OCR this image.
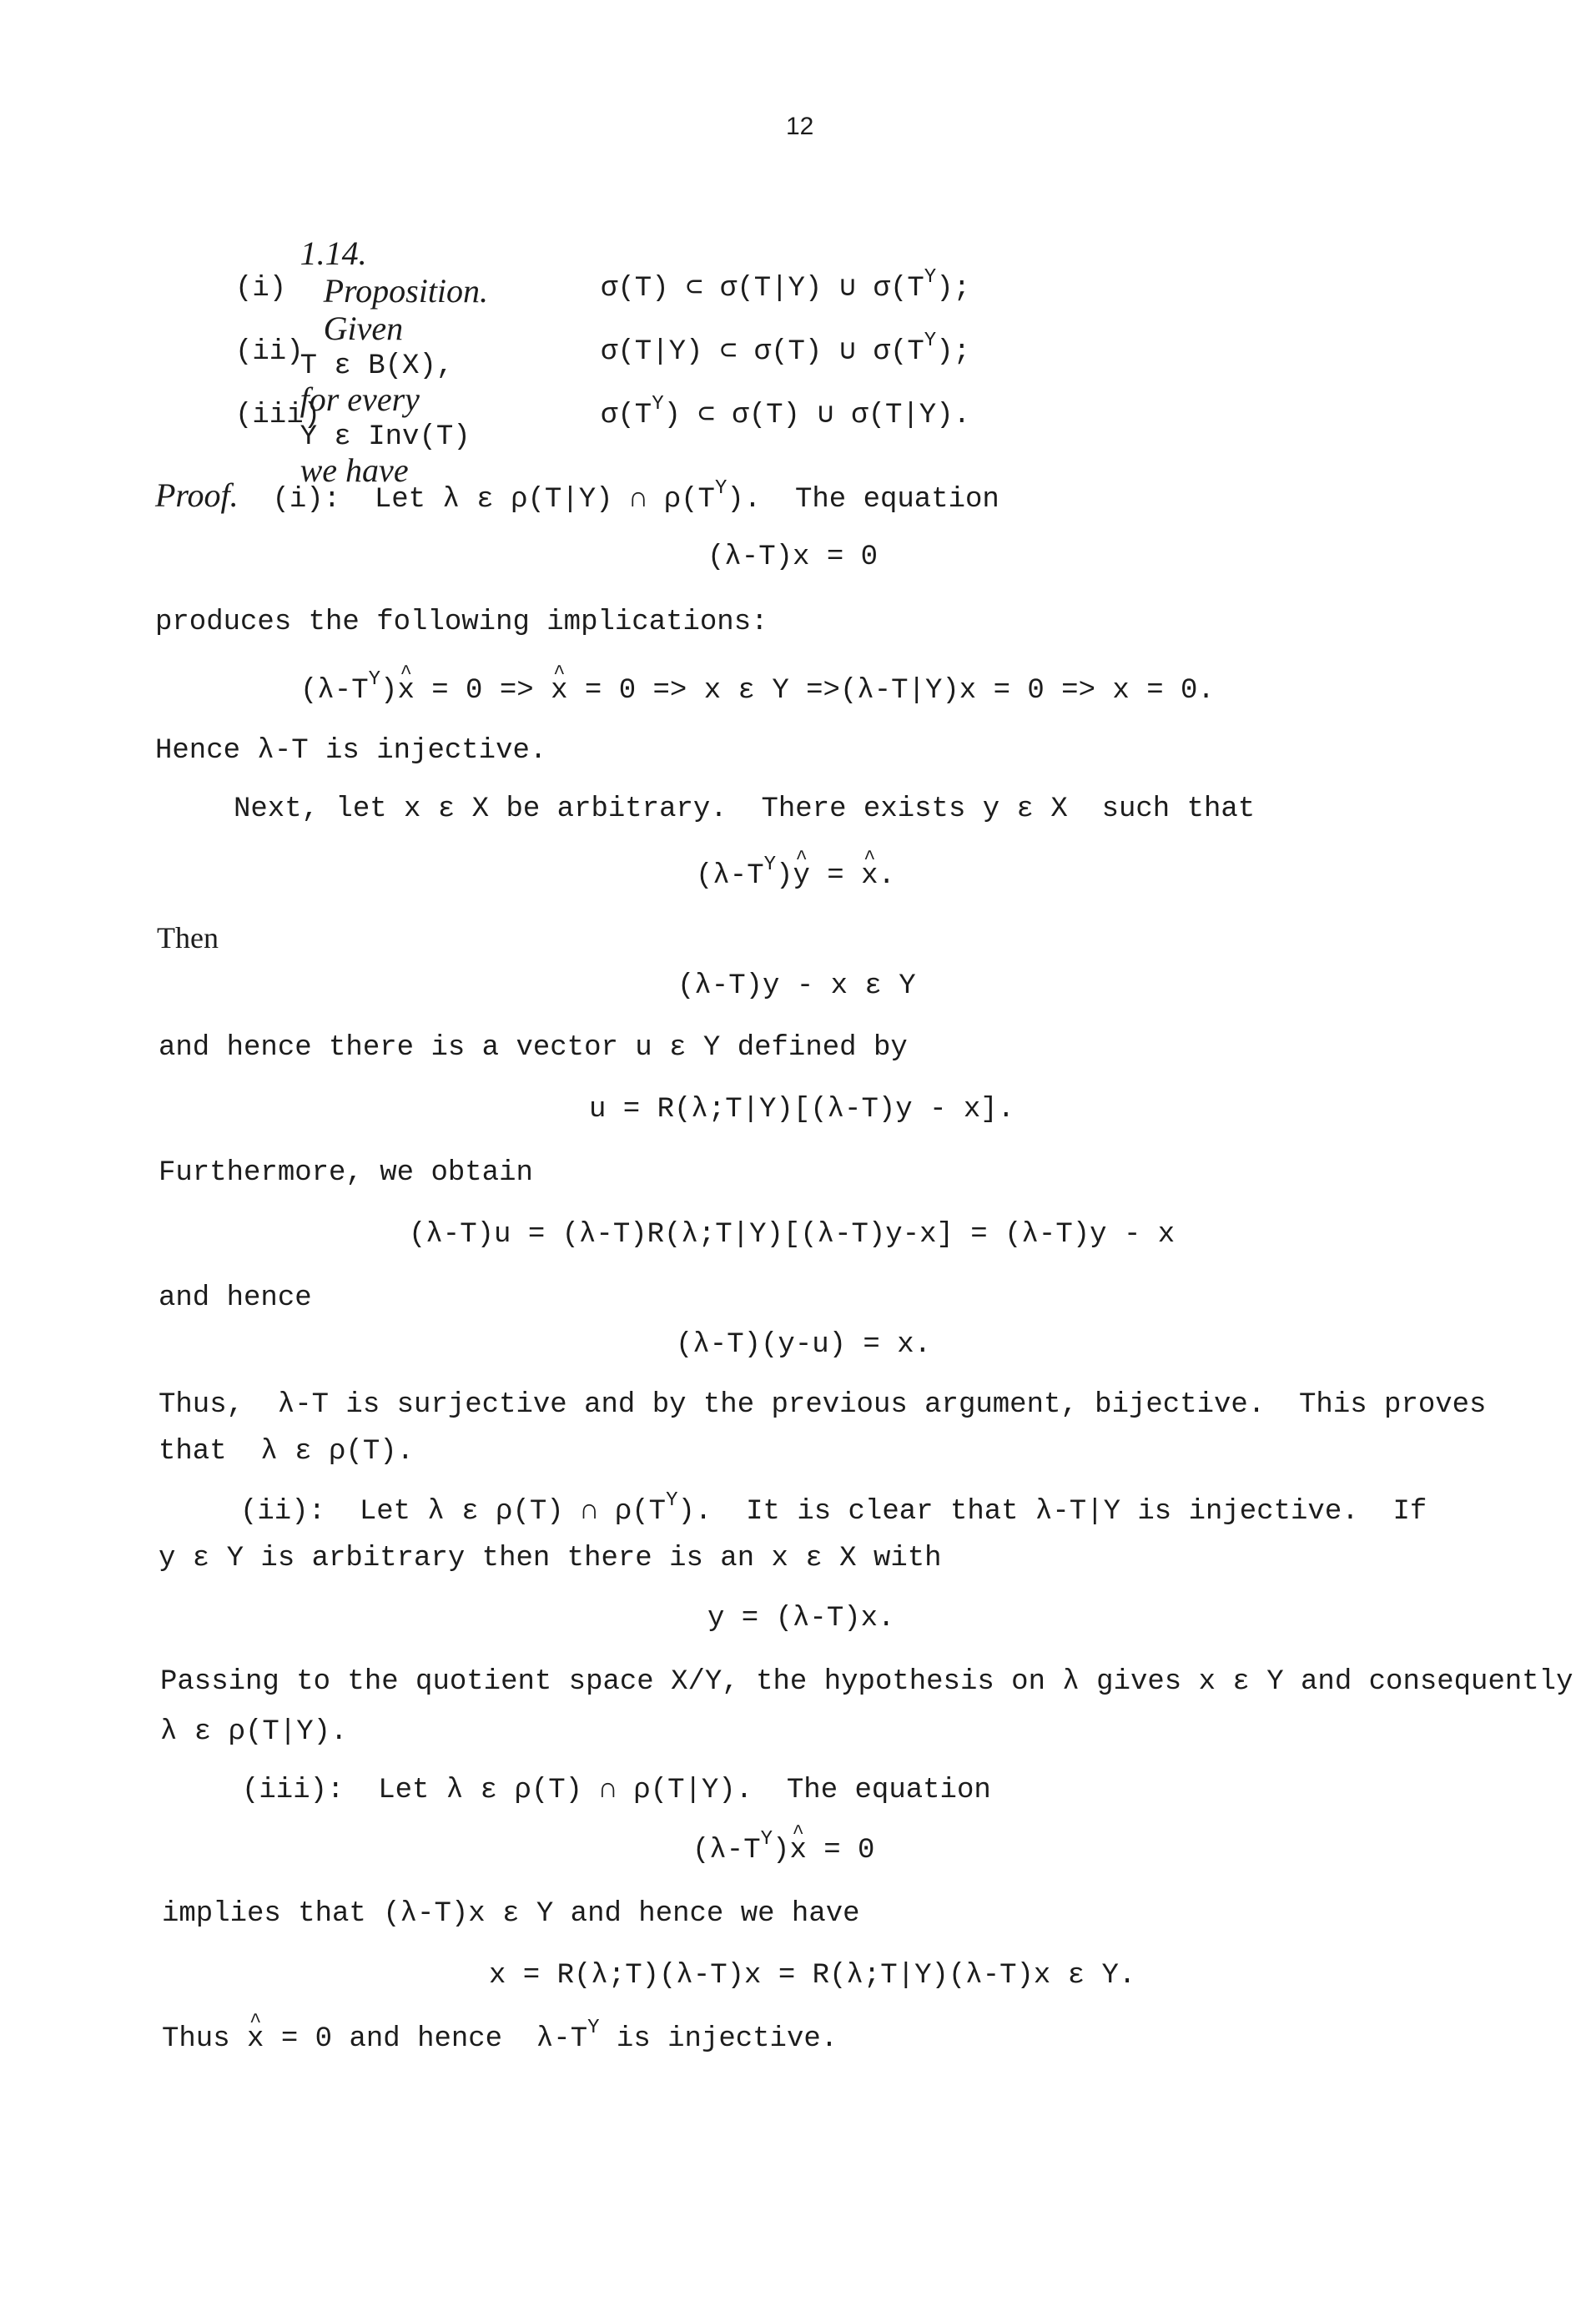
12

1.14.
Proposition.
Given
T ε B(X),
for every
Y ε Inv(T)
we have

(i)	σ(T) ⊂ σ(T|Y) ∪ $\sigma(T^Y)$;
(ii)	σ(T|Y) ⊂ σ(T) ∪ $\sigma(T^Y)$;
(iii)	$\sigma(T^Y)$ ⊂ σ(T) ∪ σ(T|Y).
Proof. (i):  Let λ ε ρ(T|Y) ∩ $\rho(T^Y)$.  The equation
(λ-T)x = 0
produces the following implications:
$(\lambda-T^Y)\^{}$ x = 0 => ^ x = 0 => x ε Y =>(λ-T|Y)x = 0 => x = 0.
Hence λ-T is injective.
Next, let x ε X be arbitrary.  There exists y ε X  such that
$(\lambda-T^Y)\^{}$ y = ^ x.
Then
(λ-T)y - x ε Y
and hence there is a vector u ε Y defined by
u = R(λ;T|Y)[(λ-T)y - x].
Furthermore, we obtain
(λ-T)u = (λ-T)R(λ;T|Y)[(λ-T)y-x] = (λ-T)y - x
and hence
(λ-T)(y-u) = x.
Thus,  λ-T is surjective and by the previous argument, bijective.  This proves
that  λ ε ρ(T).
(ii):  Let λ ε ρ(T) ∩ $\rho(T^Y)$.  It is clear that λ-T|Y is injective.  If
y ε Y is arbitrary then there is an x ε X with
y = (λ-T)x.
Passing to the quotient space X/Y, the hypothesis on λ gives x ε Y and consequently
λ ε ρ(T|Y).
(iii):  Let λ ε ρ(T) ∩ ρ(T|Y).  The equation
$(\lambda-T^Y)\^{}$ x = 0
implies that (λ-T)x ε Y and hence we have
x = R(λ;T)(λ-T)x = R(λ;T|Y)(λ-T)x ε Y.
Thus ^ x = 0 and hence  $\lambda-T^Y$ is injective.
